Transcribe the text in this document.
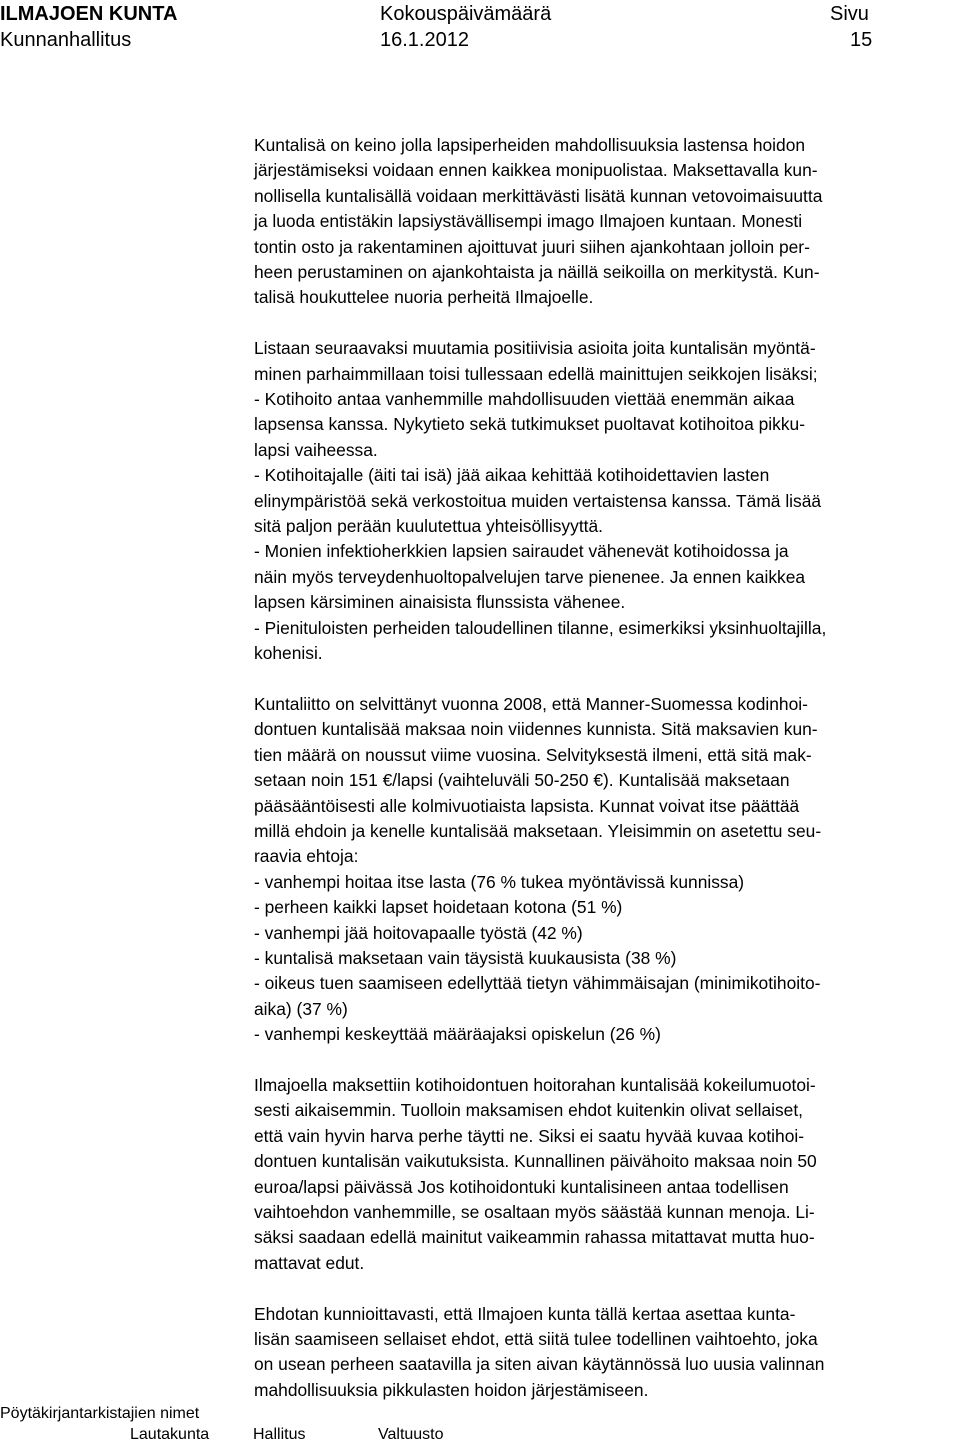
ILMAJOEN KUNTA
Kunnanhallitus
Kokouspäivämäärä
16.1.2012
Sivu
15

Kuntalisä on keino jolla lapsiperheiden mahdollisuuksia lastensa hoidon
järjestämiseksi voidaan ennen kaikkea monipuolistaa. Maksettavalla kun-
nollisella kuntalisällä voidaan merkittävästi lisätä kunnan vetovoimaisuutta
ja luoda entistäkin lapsiystävällisempi imago Ilmajoen kuntaan. Monesti
tontin osto ja rakentaminen ajoittuvat juuri siihen ajankohtaan jolloin per-
heen perustaminen on ajankohtaista ja näillä seikoilla on merkitystä. Kun-
talisä houkuttelee nuoria perheitä Ilmajoelle.

Listaan seuraavaksi muutamia positiivisia asioita joita kuntalisän myöntä-
minen parhaimmillaan toisi tullessaan edellä mainittujen seikkojen lisäksi;
- Kotihoito antaa vanhemmille mahdollisuuden viettää enemmän aikaa
lapsensa kanssa. Nykytieto sekä tutkimukset puoltavat kotihoitoa pikku-
lapsi vaiheessa.
- Kotihoitajalle (äiti tai isä) jää aikaa kehittää kotihoidettavien lasten
elinympäristöä sekä verkostoitua muiden vertaistensa kanssa. Tämä lisää
sitä paljon perään kuulutettua yhteisöllisyyttä.
- Monien infektioherkkien lapsien sairaudet vähenevät kotihoidossa ja
näin myös terveydenhuoltopalvelujen tarve pienenee. Ja ennen kaikkea
lapsen kärsiminen ainaisista flunssista vähenee.
- Pienituloisten perheiden taloudellinen tilanne, esimerkiksi yksinhuoltajilla,
kohenisi.

Kuntaliitto on selvittänyt vuonna 2008, että Manner-Suomessa kodinhoi-
dontuen kuntalisää maksaa noin viidennes kunnista. Sitä maksavien kun-
tien määrä on noussut viime vuosina. Selvityksestä ilmeni, että sitä mak-
setaan noin 151 €/lapsi (vaihteluväli 50-250 €). Kuntalisää maksetaan
pääsääntöisesti alle kolmivuotiaista lapsista. Kunnat voivat itse päättää
millä ehdoin ja kenelle kuntalisää maksetaan. Yleisimmin on asetettu seu-
raavia ehtoja:
- vanhempi hoitaa itse lasta (76 % tukea myöntävissä kunnissa)
- perheen kaikki lapset hoidetaan kotona (51 %)
- vanhempi jää hoitovapaalle työstä (42 %)
- kuntalisä maksetaan vain täysistä kuukausista (38 %)
- oikeus tuen saamiseen edellyttää tietyn vähimmäisajan (minimikotihoito-
aika) (37 %)
- vanhempi keskeyttää määräajaksi opiskelun (26 %)

Ilmajoella maksettiin kotihoidontuen hoitorahan kuntalisää kokeilumuotoi-
sesti aikaisemmin. Tuolloin maksamisen ehdot kuitenkin olivat sellaiset,
että vain hyvin harva perhe täytti ne. Siksi ei saatu hyvää kuvaa kotihoi-
dontuen kuntalisän vaikutuksista. Kunnallinen päivähoito maksaa noin 50
euroa/lapsi päivässä Jos kotihoidontuki kuntalisineen antaa todellisen
vaihtoehdon vanhemmille, se osaltaan myös säästää kunnan menoja. Li-
säksi saadaan edellä mainitut vaikeammin rahassa mitattavat mutta huo-
mattavat edut.

Ehdotan kunnioittavasti, että Ilmajoen kunta tällä kertaa asettaa kunta-
lisän saamiseen sellaiset ehdot, että siitä tulee todellinen vaihtoehto, joka
on usean perheen saatavilla ja siten aivan käytännössä luo uusia valinnan
mahdollisuuksia pikkulasten hoidon järjestämiseen.

Pöytäkirjantarkistajien nimet
Lautakunta	Hallitus	Valtuusto
